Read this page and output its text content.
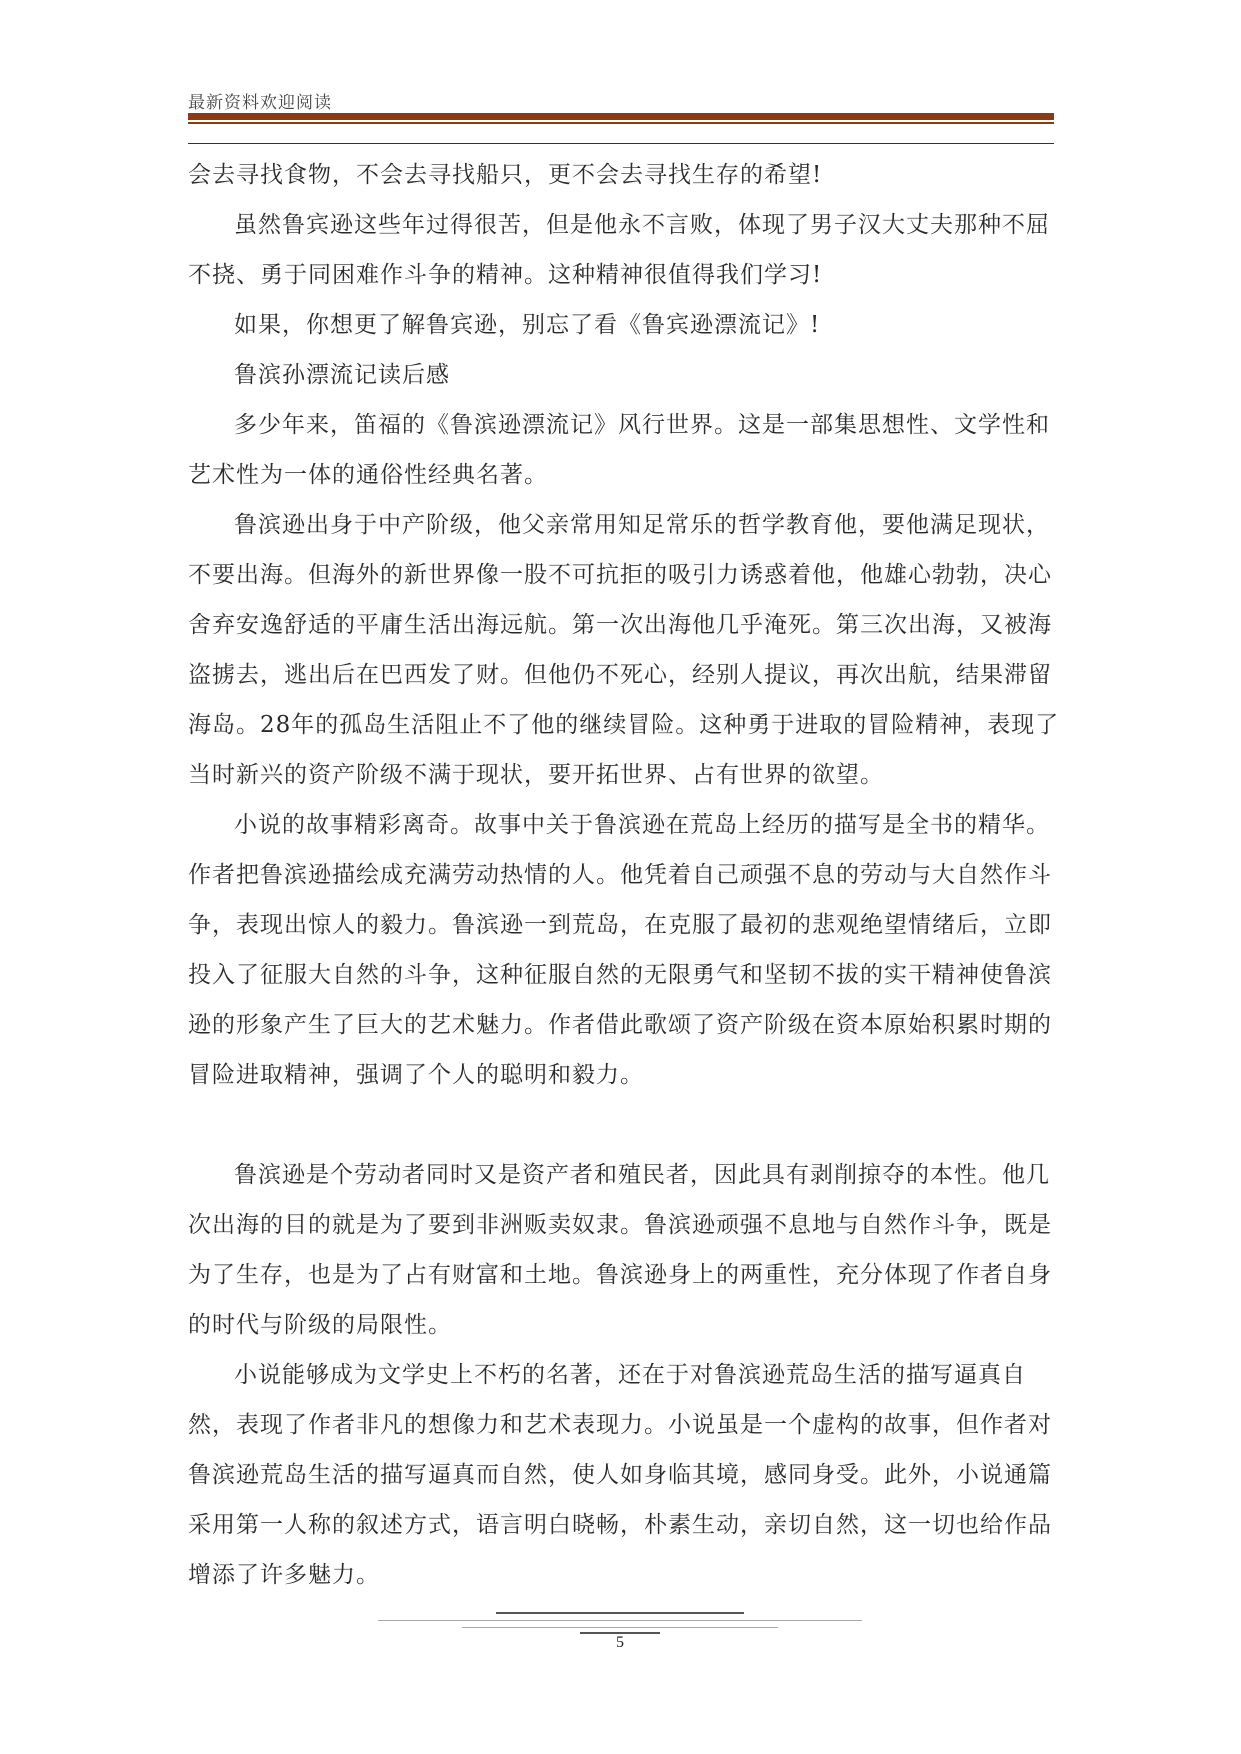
最新资料欢迎阅读

会去寻找食物，不会去寻找船只，更不会去寻找生存的希望!

虽然鲁宾逊这些年过得很苦，但是他永不言败，体现了男子汉大丈夫那种不屈不挠、勇于同困难作斗争的精神。这种精神很值得我们学习!

如果，你想更了解鲁宾逊，别忘了看《鲁宾逊漂流记》!

鲁滨孙漂流记读后感

多少年来，笛福的《鲁滨逊漂流记》风行世界。这是一部集思想性、文学性和艺术性为一体的通俗性经典名著。

鲁滨逊出身于中产阶级，他父亲常用知足常乐的哲学教育他，要他满足现状，不要出海。但海外的新世界像一股不可抗拒的吸引力诱惑着他，他雄心勃勃，决心舍弃安逸舒适的平庸生活出海远航。第一次出海他几乎淹死。第三次出海，又被海盗掳去，逃出后在巴西发了财。但他仍不死心，经别人提议，再次出航，结果滞留海岛。28年的孤岛生活阻止不了他的继续冒险。这种勇于进取的冒险精神，表现了当时新兴的资产阶级不满于现状，要开拓世界、占有世界的欲望。

小说的故事精彩离奇。故事中关于鲁滨逊在荒岛上经历的描写是全书的精华。作者把鲁滨逊描绘成充满劳动热情的人。他凭着自己顽强不息的劳动与大自然作斗争，表现出惊人的毅力。鲁滨逊一到荒岛，在克服了最初的悲观绝望情绪后，立即投入了征服大自然的斗争，这种征服自然的无限勇气和坚韧不拔的实干精神使鲁滨逊的形象产生了巨大的艺术魅力。作者借此歌颂了资产阶级在资本原始积累时期的冒险进取精神，强调了个人的聪明和毅力。

鲁滨逊是个劳动者同时又是资产者和殖民者，因此具有剥削掠夺的本性。他几次出海的目的就是为了要到非洲贩卖奴隶。鲁滨逊顽强不息地与自然作斗争，既是为了生存，也是为了占有财富和土地。鲁滨逊身上的两重性，充分体现了作者自身的时代与阶级的局限性。

小说能够成为文学史上不朽的名著，还在于对鲁滨逊荒岛生活的描写逼真自然，表现了作者非凡的想像力和艺术表现力。小说虽是一个虚构的故事，但作者对鲁滨逊荒岛生活的描写逼真而自然，使人如身临其境，感同身受。此外，小说通篇采用第一人称的叙述方式，语言明白晓畅，朴素生动，亲切自然，这一切也给作品增添了许多魅力。

5
